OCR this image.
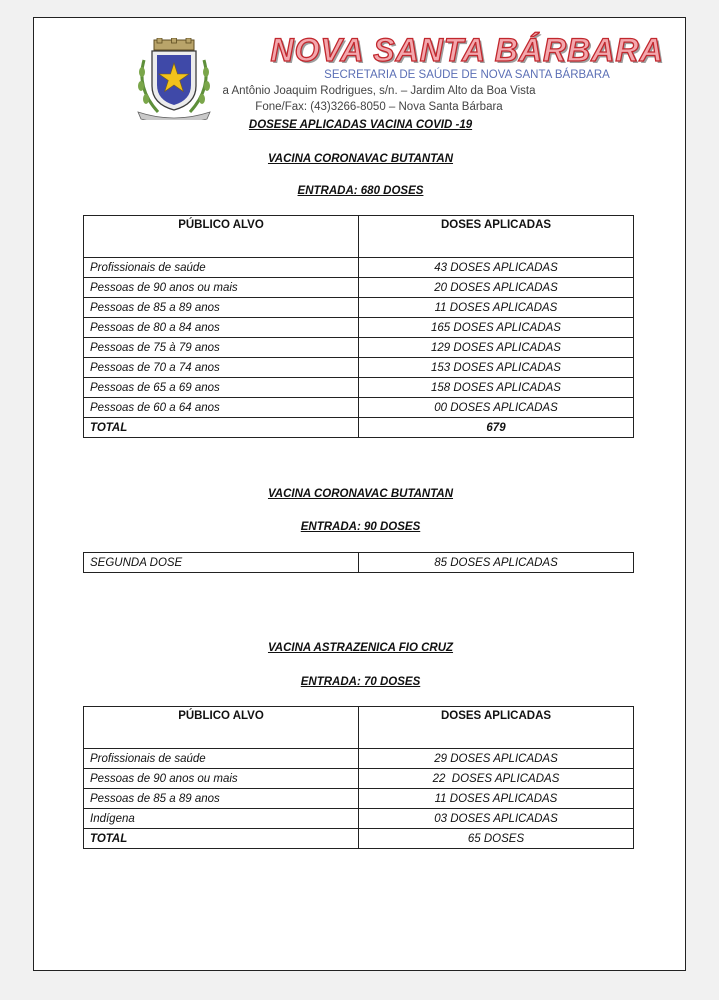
NOVA SANTA BÁRBARA
SECRETARIA DE SAÚDE DE NOVA SANTA BÁRBARA
a Antônio Joaquim Rodrigues, s/n. – Jardim Alto da Boa Vista
Fone/Fax: (43)3266-8050 – Nova Santa Bárbara
DOSESE APLICADAS VACINA COVID -19
VACINA CORONAVAC BUTANTAN
ENTRADA: 680 DOSES
PÚBLICO ALVO	DOSES APLICADAS
Profissionais de saúde	43 DOSES APLICADAS
Pessoas de 90 anos ou mais	20 DOSES APLICADAS
Pessoas de 85 a 89 anos	11 DOSES APLICADAS
Pessoas de 80 a 84 anos	165 DOSES APLICADAS
Pessoas de 75 à 79 anos	129 DOSES APLICADAS
Pessoas de 70 a 74 anos	153 DOSES APLICADAS
Pessoas de 65 a 69 anos	158 DOSES APLICADAS
Pessoas de 60 a 64 anos	00 DOSES APLICADAS
TOTAL	679
VACINA CORONAVAC BUTANTAN
ENTRADA: 90 DOSES
SEGUNDA DOSE	85 DOSES APLICADAS
VACINA ASTRAZENICA FIO CRUZ
ENTRADA: 70 DOSES
PÚBLICO ALVO	DOSES APLICADAS
Profissionais de saúde	29 DOSES APLICADAS
Pessoas de 90 anos ou mais	22  DOSES APLICADAS
Pessoas de 85 a 89 anos	11 DOSES APLICADAS
Indígena	03 DOSES APLICADAS
TOTAL	65 DOSES
